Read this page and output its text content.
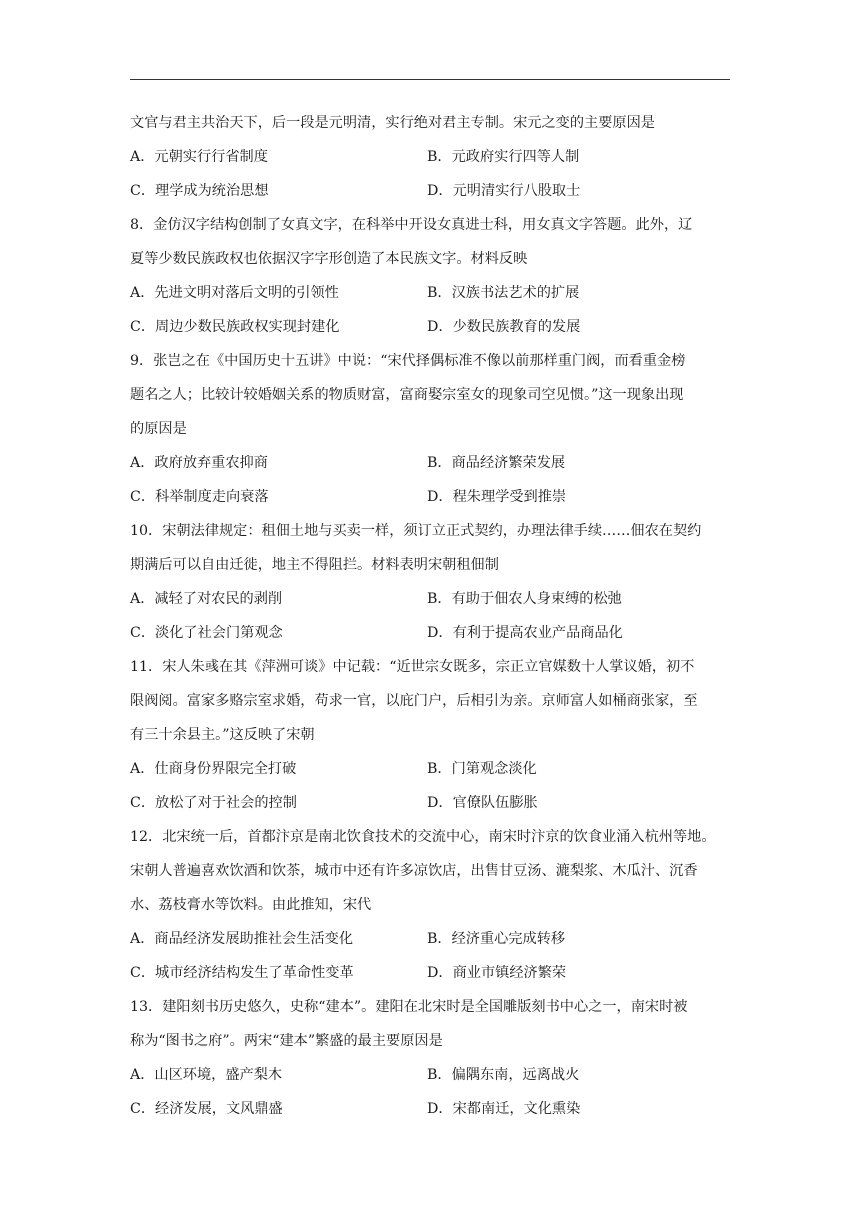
文官与君主共治天下，后一段是元明清，实行绝对君主专制。宋元之变的主要原因是
A．元朝实行行省制度	B．元政府实行四等人制
C．理学成为统治思想	D．元明清实行八股取士
8．金仿汉字结构创制了女真文字，在科举中开设女真进士科，用女真文字答题。此外，辽
夏等少数民族政权也依据汉字字形创造了本民族文字。材料反映
A．先进文明对落后文明的引领性	B．汉族书法艺术的扩展
C．周边少数民族政权实现封建化	D．少数民族教育的发展
9．张岂之在《中国历史十五讲》中说：“宋代择偶标准不像以前那样重门阀，而看重金榜
题名之人；比较计较婚姻关系的物质财富，富商娶宗室女的现象司空见惯。”这一现象出现
的原因是
A．政府放弃重农抑商	B．商品经济繁荣发展
C．科举制度走向衰落	D．程朱理学受到推崇
10．宋朝法律规定：租佃土地与买卖一样，须订立正式契约，办理法律手续……佃农在契约
期满后可以自由迁徙，地主不得阻拦。材料表明宋朝租佃制
A．减轻了对农民的剥削	B．有助于佃农人身束缚的松弛
C．淡化了社会门第观念	D．有利于提高农业产品商品化
11．宋人朱彧在其《萍洲可谈》中记载：“近世宗女既多，宗正立官媒数十人掌议婚，初不
限阀阅。富家多赂宗室求婚，苟求一官，以庇门户，后相引为亲。京师富人如桶商张家，至
有三十余县主。”这反映了宋朝
A．仕商身份界限完全打破	B．门第观念淡化
C．放松了对于社会的控制	D．官僚队伍膨胀
12．北宋统一后，首都汴京是南北饮食技术的交流中心，南宋时汴京的饮食业涌入杭州等地。
宋朝人普遍喜欢饮酒和饮茶，城市中还有许多凉饮店，出售甘豆汤、漉梨浆、木瓜汁、沉香
水、荔枝膏水等饮料。由此推知，宋代
A．商品经济发展助推社会生活变化	B．经济重心完成转移
C．城市经济结构发生了革命性变革	D．商业市镇经济繁荣
13．建阳刻书历史悠久，史称“建本”。建阳在北宋时是全国雕版刻书中心之一，南宋时被
称为“图书之府”。两宋“建本”繁盛的最主要原因是
A．山区环境，盛产梨木	B．偏隅东南，远离战火
C．经济发展，文风鼎盛	D．宋都南迁，文化熏染
